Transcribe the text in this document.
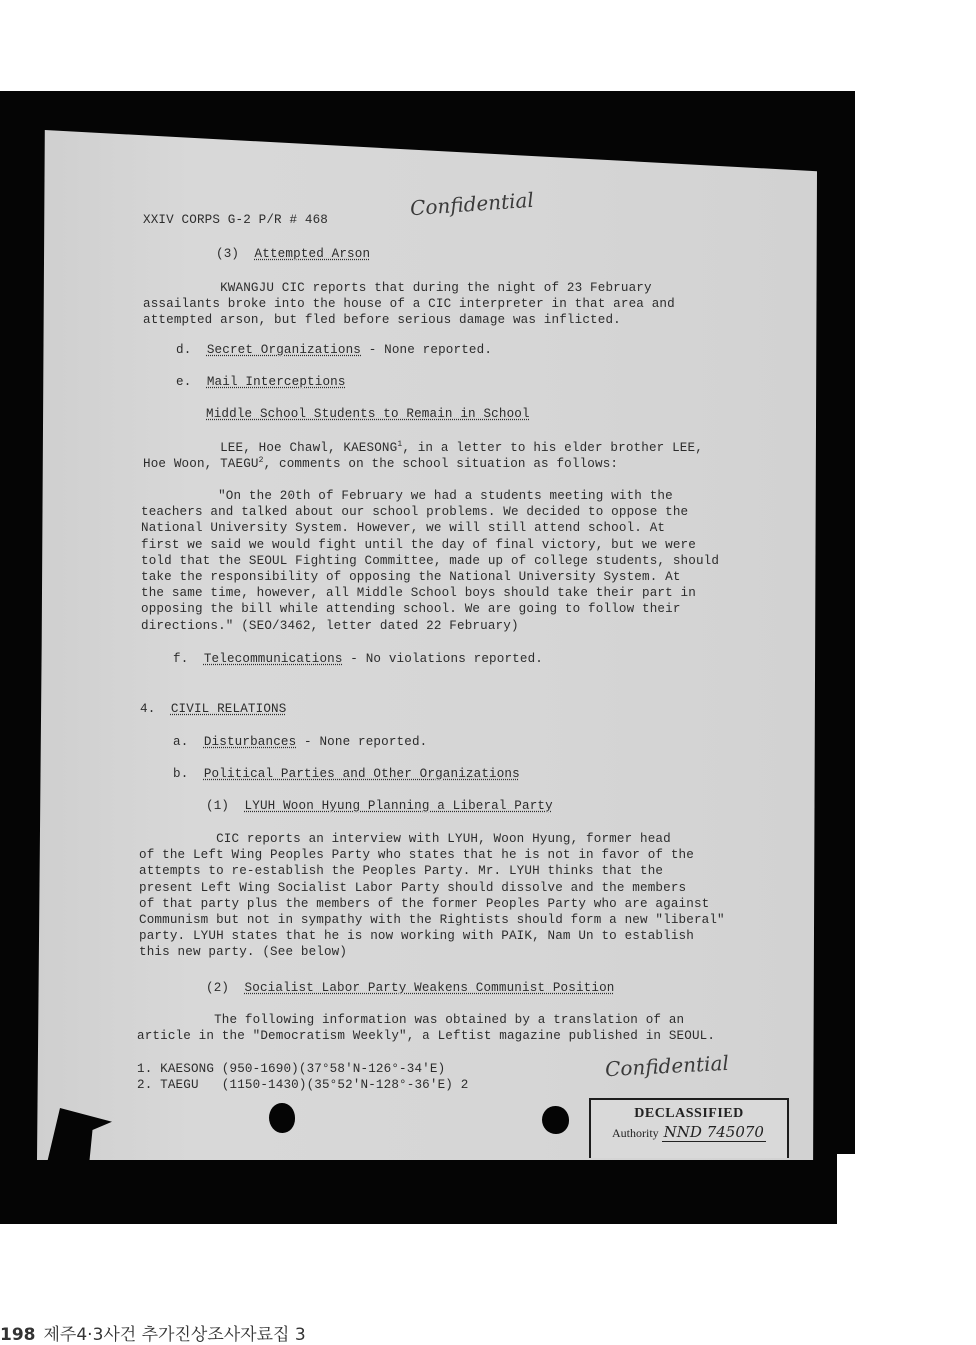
XXIV CORPS G-2 P/R # 468	Confidential
(3) Attempted Arson
KWANGJU CIC reports that during the night of 23 February
assailants broke into the house of a CIC interpreter in that area and
attempted arson, but fled before serious damage was inflicted.
d. Secret Organizations - None reported.
e. Mail Interceptions
Middle School Students to Remain in School
LEE, Hoe Chawl, KAESONG$^1$, in a letter to his elder brother LEE,
Hoe Woon, TAEGU$^2$, comments on the school situation as follows:
"On the 20th of February we had a students meeting with the
teachers and talked about our school problems. We decided to oppose the
National University System. However, we will still attend school. At
first we said we would fight until the day of final victory, but we were
told that the SEOUL Fighting Committee, made up of college students, should
take the responsibility of opposing the National University System. At
the same time, however, all Middle School boys should take their part in
opposing the bill while attending school. We are going to follow their
directions." (SEO/3462, letter dated 22 February)
f. Telecommunications - No violations reported.
4. CIVIL RELATIONS
a. Disturbances - None reported.
b. Political Parties and Other Organizations
(1) LYUH Woon Hyung Planning a Liberal Party
CIC reports an interview with LYUH, Woon Hyung, former head
of the Left Wing Peoples Party who states that he is not in favor of the
attempts to re-establish the Peoples Party. Mr. LYUH thinks that the
present Left Wing Socialist Labor Party should dissolve and the members
of that party plus the members of the former Peoples Party who are against
Communism but not in sympathy with the Rightists should form a new "liberal"
party. LYUH states that he is now working with PAIK, Nam Un to establish
this new party. (See below)
(2) Socialist Labor Party Weakens Communist Position
The following information was obtained by a translation of an
article in the "Democratism Weekly", a Leftist magazine published in SEOUL.
1. KAESONG (950-1690)(37°58'N-126°-34'E)
2. TAEGU   (1150-1430)(35°52'N-128°-36'E) 2
Confidential
DECLASSIFIED
Authority NND 745070
198 제주4·3사건 추가진상조사자료집 3
